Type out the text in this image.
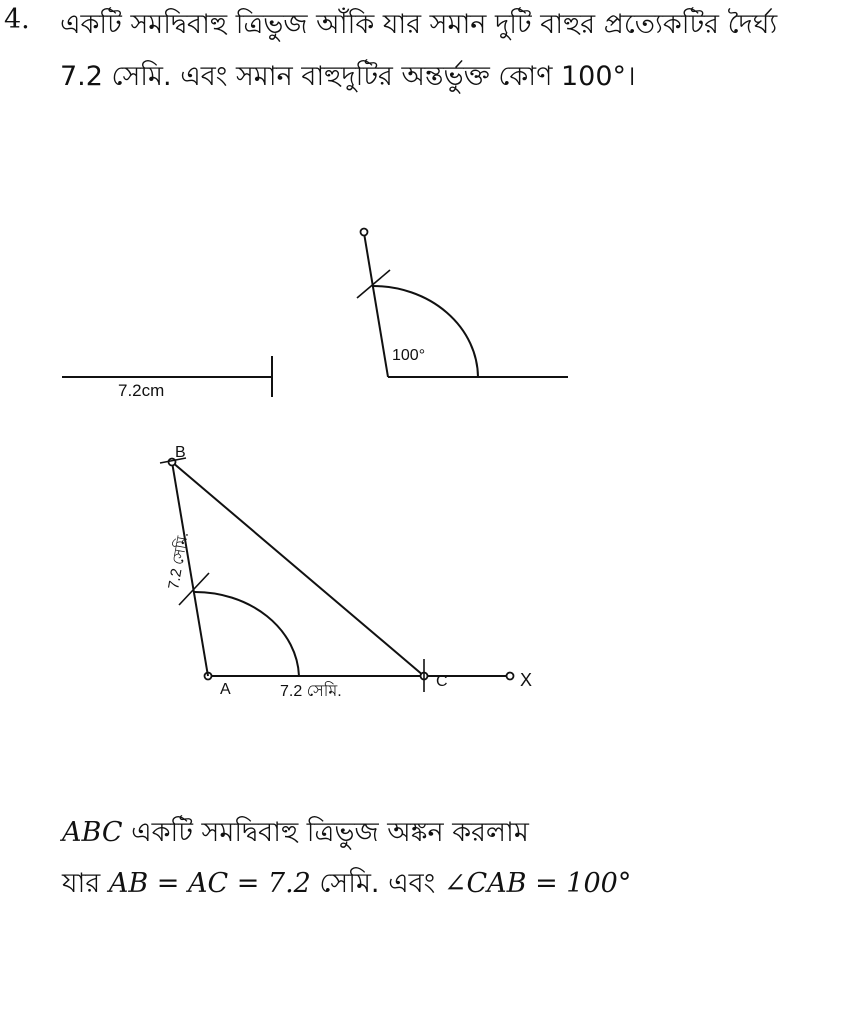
4. একটি সমদ্বিবাহু ত্রিভুজ আঁকি যার সমান দুটি বাহুর প্রত্যেকটির দৈর্ঘ্য
7.2 সেমি. এবং সমান বাহুদুটির অন্তর্ভুক্ত কোণ 100°।
7.2cm
100°
B
A	C	X
7.2 সেমি.
7.2 সেমি.
ABC একটি সমদ্বিবাহু ত্রিভুজ অঙ্কন করলাম
যার AB = AC = 7.2 সেমি. এবং ∠CAB = 100°
